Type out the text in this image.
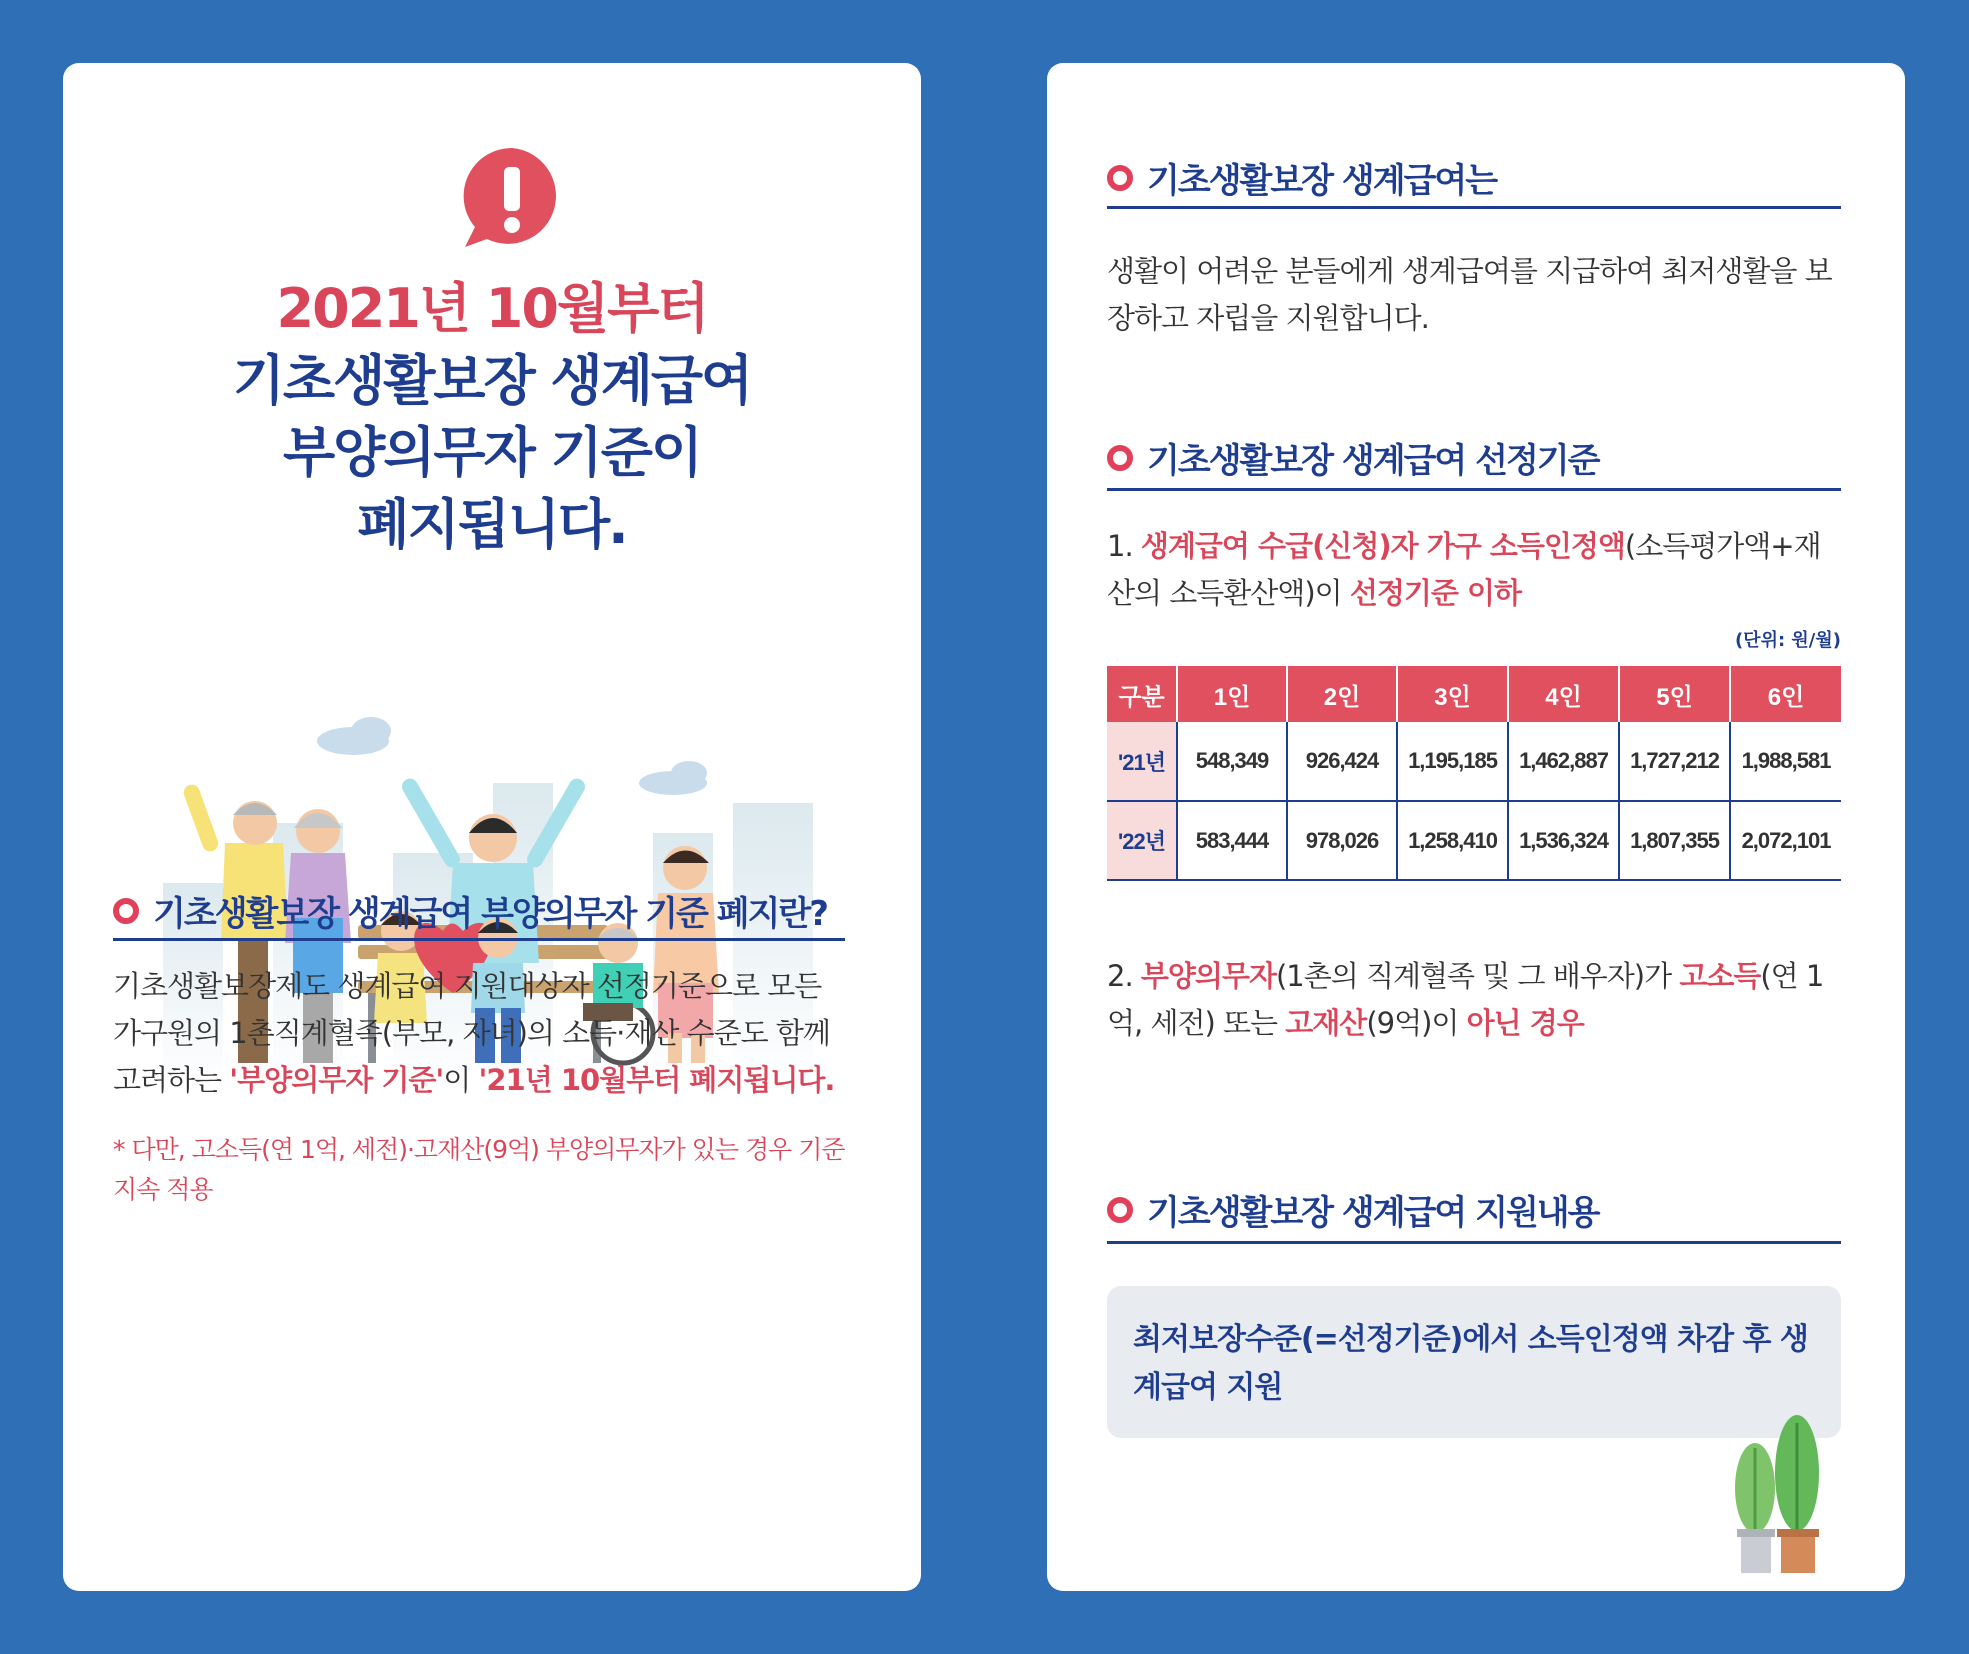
2021년 10월부터
기초생활보장 생계급여
부양의무자 기준이
폐지됩니다.
기초생활보장 생계급여 부양의무자 기준 폐지란?
기초생활보장제도 생계급여 지원대상자 선정기준으로 모든 가구원의 1촌직계혈족(부모, 자녀)의 소득·재산 수준도 함께 고려하는 '부양의무자 기준'이 '21년 10월부터 폐지됩니다.
* 다만, 고소득(연 1억, 세전)·고재산(9억) 부양의무자가 있는 경우 기준 지속 적용
기초생활보장 생계급여는
생활이 어려운 분들에게 생계급여를 지급하여 최저생활을 보장하고 자립을 지원합니다.
기초생활보장 생계급여 선정기준
1. 생계급여 수급(신청)자 가구 소득인정액(소득평가액+재산의 소득환산액)이 선정기준 이하
(단위: 원/월)
구분	1인	2인	3인	4인	5인	6인
'21년	548,349	926,424	1,195,185	1,462,887	1,727,212	1,988,581
'22년	583,444	978,026	1,258,410	1,536,324	1,807,355	2,072,101
2. 부양의무자(1촌의 직계혈족 및 그 배우자)가 고소득(연 1억, 세전) 또는 고재산(9억)이 아닌 경우
기초생활보장 생계급여 지원내용
최저보장수준(=선정기준)에서 소득인정액 차감 후 생계급여 지원
